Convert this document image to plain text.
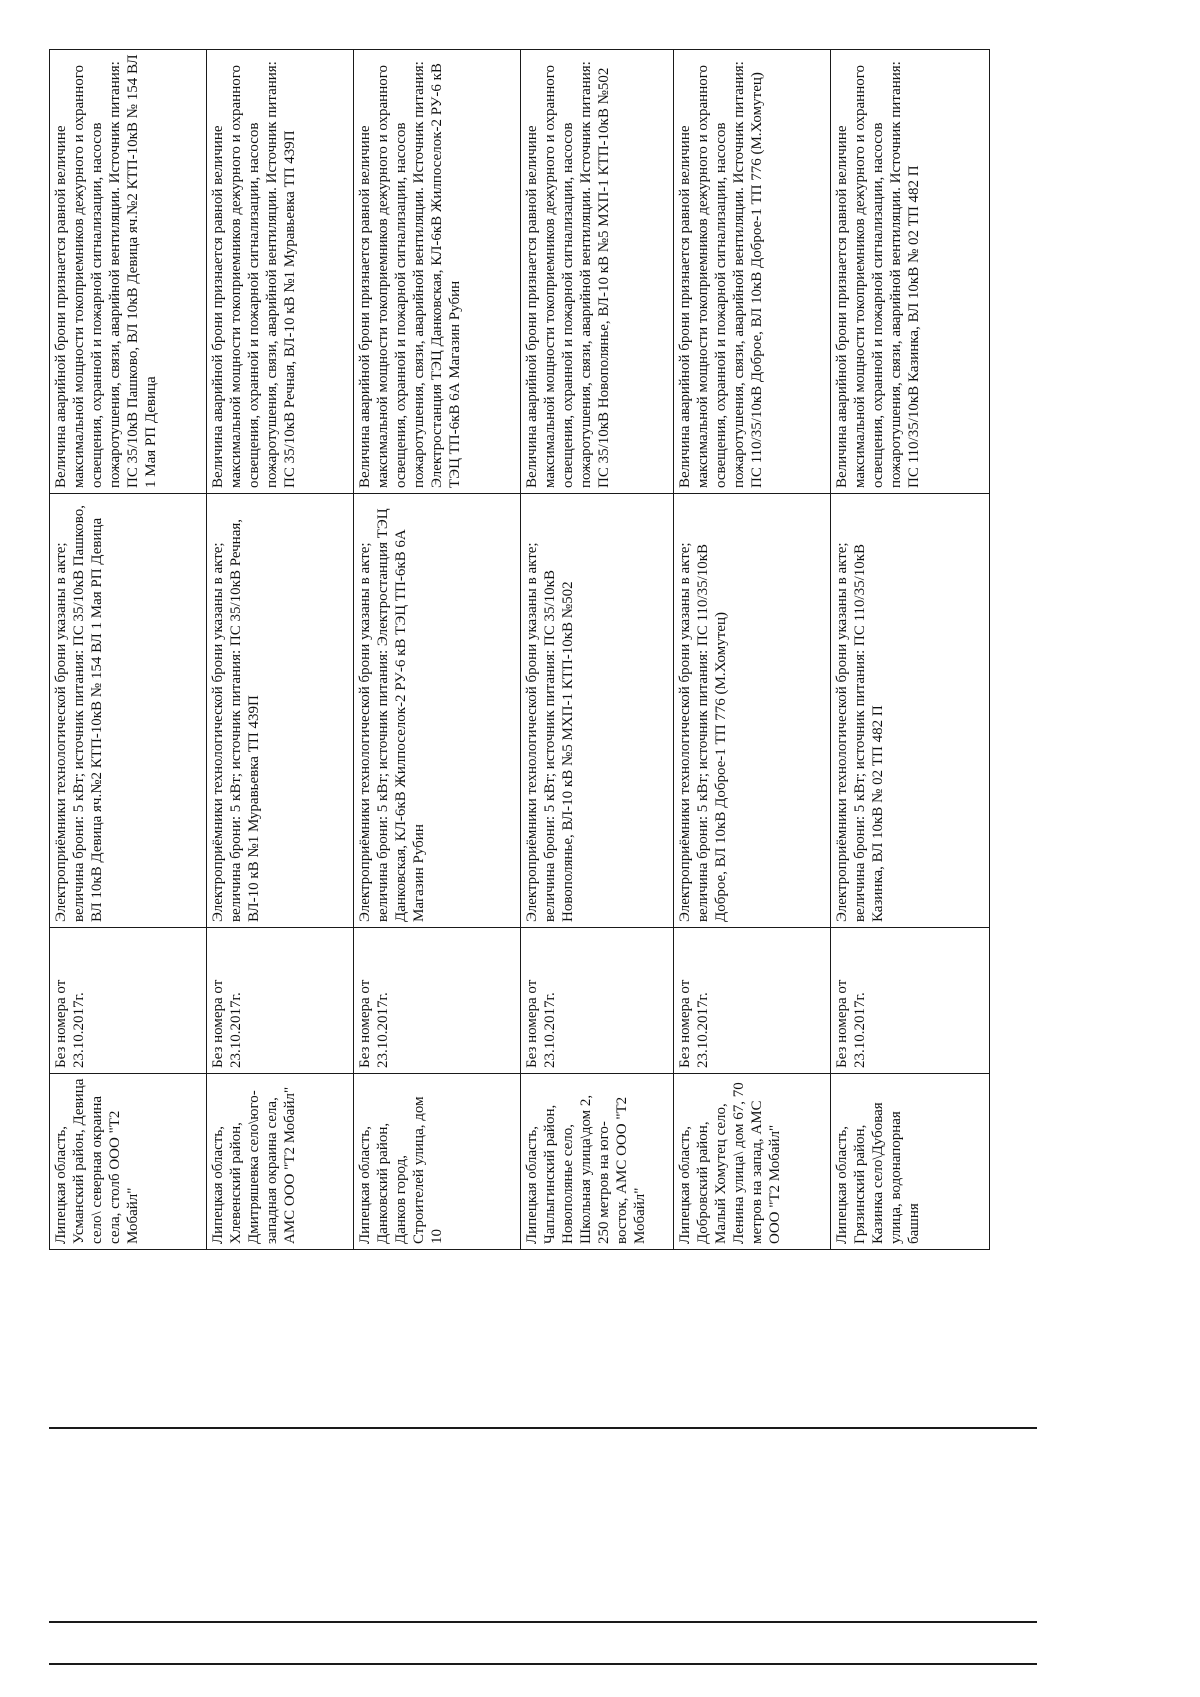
Липецкая область, Усманский район, Девица село\ северная окраина села, столб ООО "Т2 Мобайл"	Без номера от 23.10.2017г.	Электроприёмники технологической брони указаны в акте; величина брони: 5 кВт; источник питания: ПС 35/10кВ Пашково, ВЛ 10кВ Девица яч.№2 КТП-10кВ № 154 ВЛ 1 Мая РП Девица	Величина аварийной брони признается равной величине максимальной мощности токоприемников дежурного и охранного освещения, охранной и пожарной сигнализации, насосов пожаротушения, связи, аварийной вентиляции. Источник питания: ПС 35/10кВ Пашково, ВЛ 10кВ Девица яч.№2 КТП-10кВ № 154 ВЛ 1 Мая РП Девица
Липецкая область, Хлевенский район, Дмитряшевка село\юго-западная окраина села, АМС ООО "Т2 Мобайл"	Без номера от 23.10.2017г.	Электроприёмники технологической брони указаны в акте; величина брони: 5 кВт; источник питания: ПС 35/10кВ Речная, ВЛ-10 кВ №1 Муравьевка ТП 439П	Величина аварийной брони признается равной величине максимальной мощности токоприемников дежурного и охранного освещения, охранной и пожарной сигнализации, насосов пожаротушения, связи, аварийной вентиляции. Источник питания: ПС 35/10кВ Речная, ВЛ-10 кВ №1 Муравьевка ТП 439П
Липецкая область, Данковский район, Данков город, Строителей улица, дом 10	Без номера от 23.10.2017г.	Электроприёмники технологической брони указаны в акте; величина брони: 5 кВт; источник питания: Электростанция ТЭЦ Данковская, КЛ-6кВ Жилпоселок-2 РУ-6 кВ ТЭЦ ТП-6кВ 6А Магазин Рубин	Величина аварийной брони признается равной величине максимальной мощности токоприемников дежурного и охранного освещения, охранной и пожарной сигнализации, насосов пожаротушения, связи, аварийной вентиляции. Источник питания: Электростанция ТЭЦ Данковская, КЛ-6кВ Жилпоселок-2 РУ-6 кВ ТЭЦ ТП-6кВ 6А Магазин Рубин
Липецкая область, Чаплыгинский район, Новополянье село, Школьная улица\дом 2, 250 метров на юго-восток, АМС ООО "Т2 Мобайл"	Без номера от 23.10.2017г.	Электроприёмники технологической брони указаны в акте; величина брони: 5 кВт; источник питания: ПС 35/10кВ Новополянье, ВЛ-10 кВ №5 МХП-1 КТП-10кВ №502	Величина аварийной брони признается равной величине максимальной мощности токоприемников дежурного и охранного освещения, охранной и пожарной сигнализации, насосов пожаротушения, связи, аварийной вентиляции. Источник питания: ПС 35/10кВ Новополянье, ВЛ-10 кВ №5 МХП-1 КТП-10кВ №502
Липецкая область, Добровский район, Малый Хомутец село, Ленина улица\ дом 67, 70 метров на запад, АМС ООО "Т2 Мобайл"	Без номера от 23.10.2017г.	Электроприёмники технологической брони указаны в акте; величина брони: 5 кВт; источник питания: ПС 110/35/10кВ Доброе, ВЛ 10кВ Доброе-1 ТП 776 (М.Хомутец)	Величина аварийной брони признается равной величине максимальной мощности токоприемников дежурного и охранного освещения, охранной и пожарной сигнализации, насосов пожаротушения, связи, аварийной вентиляции. Источник питания: ПС 110/35/10кВ Доброе, ВЛ 10кВ Доброе-1 ТП 776 (М.Хомутец)
Липецкая область, Грязинский район, Казинка село\Дубовая улица, водонапорная башня	Без номера от 23.10.2017г.	Электроприёмники технологической брони указаны в акте; величина брони: 5 кВт; источник питания: ПС 110/35/10кВ Казинка, ВЛ 10кВ № 02 ТП 482 П	Величина аварийной брони признается равной величине максимальной мощности токоприемников дежурного и охранного освещения, охранной и пожарной сигнализации, насосов пожаротушения, связи, аварийной вентиляции. Источник питания: ПС 110/35/10кВ Казинка, ВЛ 10кВ № 02 ТП 482 П
